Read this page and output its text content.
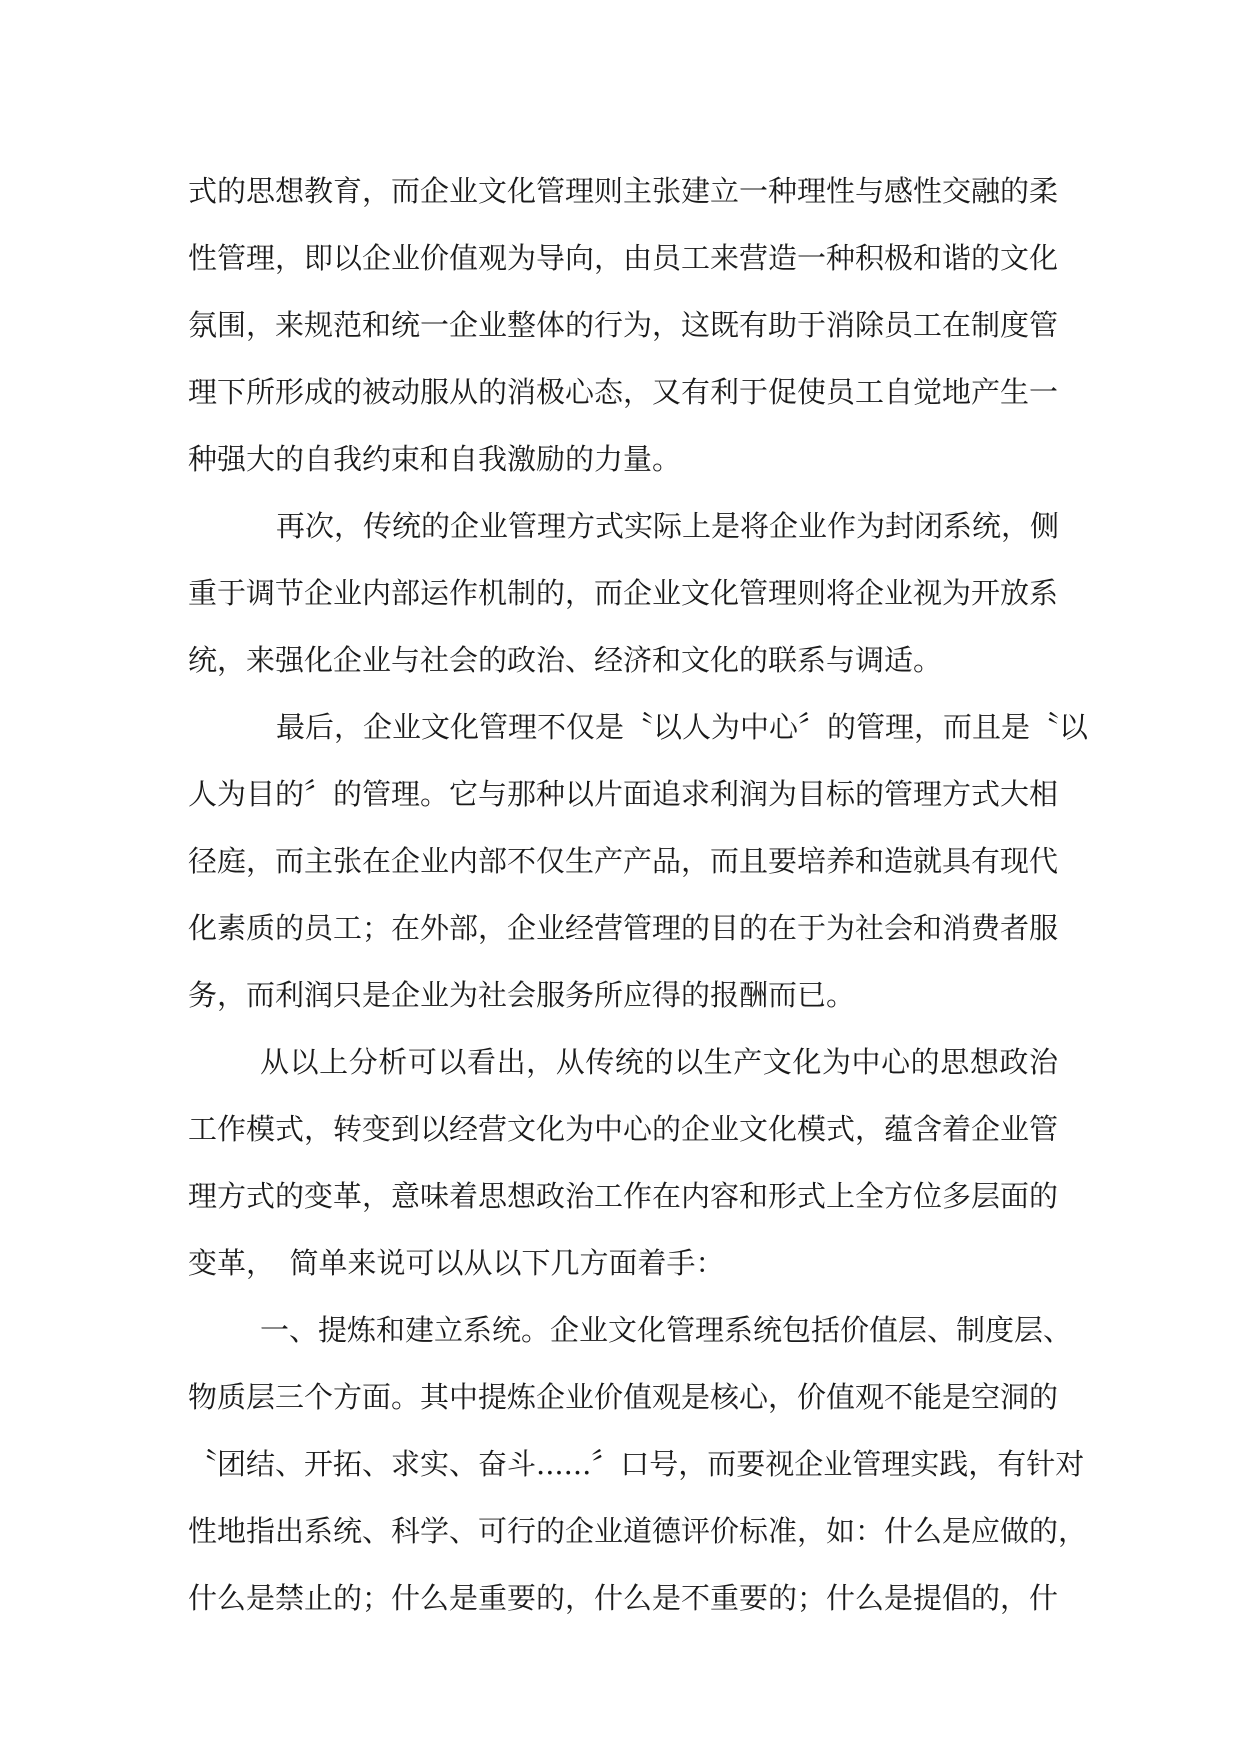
式的思想教育，而企业文化管理则主张建立一种理性与感性交融的柔
性管理，即以企业价值观为导向，由员工来营造一种积极和谐的文化
氛围，来规范和统一企业整体的行为，这既有助于消除员工在制度管
理下所形成的被动服从的消极心态，又有利于促使员工自觉地产生一
种强大的自我约束和自我激励的力量。
再次，传统的企业管理方式实际上是将企业作为封闭系统，侧
重于调节企业内部运作机制的，而企业文化管理则将企业视为开放系
统，来强化企业与社会的政治、经济和文化的联系与调适。
最后，企业文化管理不仅是〝以人为中心〞的管理，而且是〝以
人为目的〞的管理。它与那种以片面追求利润为目标的管理方式大相
径庭，而主张在企业内部不仅生产产品，而且要培养和造就具有现代
化素质的员工；在外部，企业经营管理的目的在于为社会和消费者服
务，而利润只是企业为社会服务所应得的报酬而已。
从以上分析可以看出，从传统的以生产文化为中心的思想政治
工作模式，转变到以经营文化为中心的企业文化模式，蕴含着企业管
理方式的变革，意味着思想政治工作在内容和形式上全方位多层面的
变革，　简单来说可以从以下几方面着手：
一、提炼和建立系统。企业文化管理系统包括价值层、制度层、
物质层三个方面。其中提炼企业价值观是核心，价值观不能是空洞的
〝团结、开拓、求实、奋斗......〞口号，而要视企业管理实践，有针对
性地指出系统、科学、可行的企业道德评价标准，如：什么是应做的，
什么是禁止的；什么是重要的，什么是不重要的；什么是提倡的，什
